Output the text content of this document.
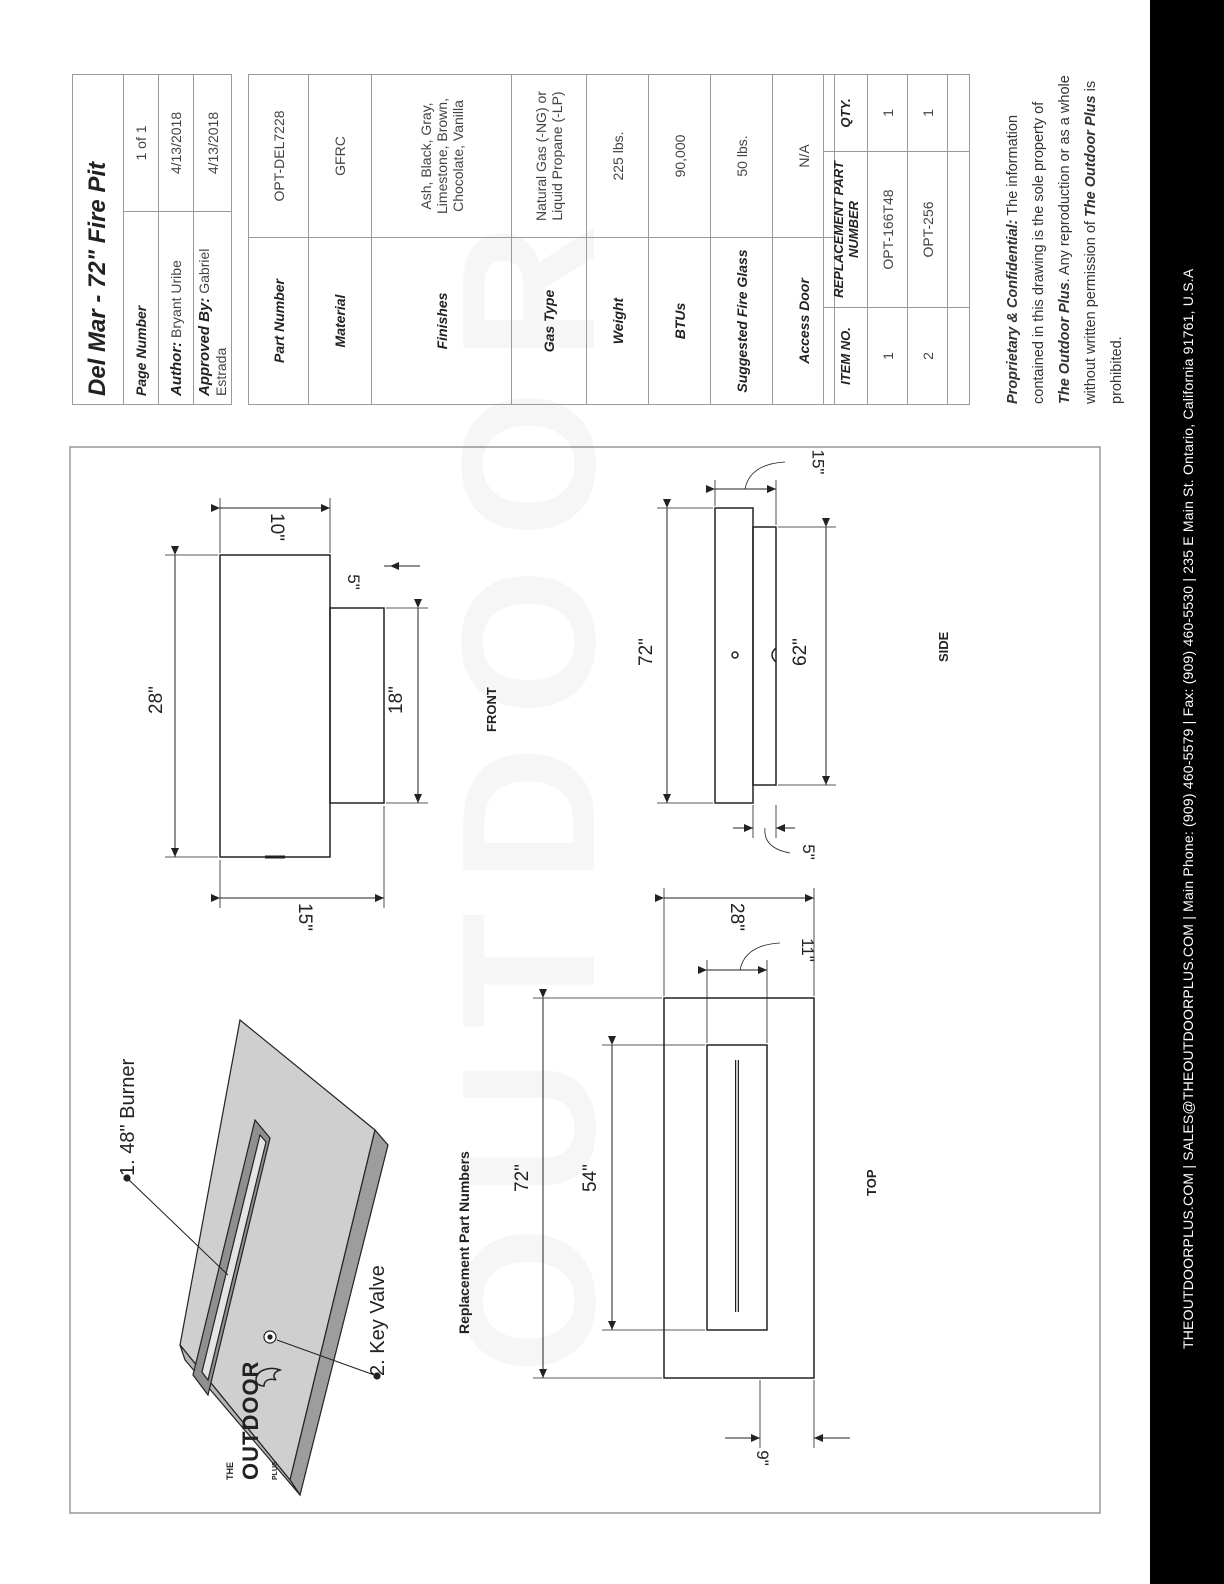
Del Mar - 72" Fire Pit	
Page Number	1 of 1
Author: Bryant Uribe	4/13/2018
Approved By: Gabriel Estrada	4/13/2018
Part Number	OPT-DEL7228
Material	GFRC
Finishes	Ash, Black, Gray, Limestone, Brown, Chocolate, Vanilla
Gas Type	Natural Gas (-NG) or Liquid Propane (-LP)
Weight	225 lbs.
BTUs	90,000
Suggested Fire Glass	50 lbs.
Access Door	N/A
ITEM NO.	REPLACEMENT PART NUMBER	QTY.
1	OPT-166T48	1
2	OPT-256	1

Proprietary & Confidential: The information contained in this drawing is the sole property of The Outdoor Plus. Any reproduction or as a whole without written permission of The Outdoor Plus is prohibited.	THEOUTDOORPLUS.COM | SALES@THEOUTDOORPLUS.COM | Main Phone: (909) 460-5579 | Fax: (909) 460-5530 | 235 E Main St. Ontario, California 91761, U.S.A
FRONT
SIDE
TOP
Replacement Part Numbers
1. 48" Burner
2. Key Valve
28"	18"
72"	62"
72" 54"
10"
15"
5"
5"
15"
28"
11"
9"
THE OUTDOOR PLUS
